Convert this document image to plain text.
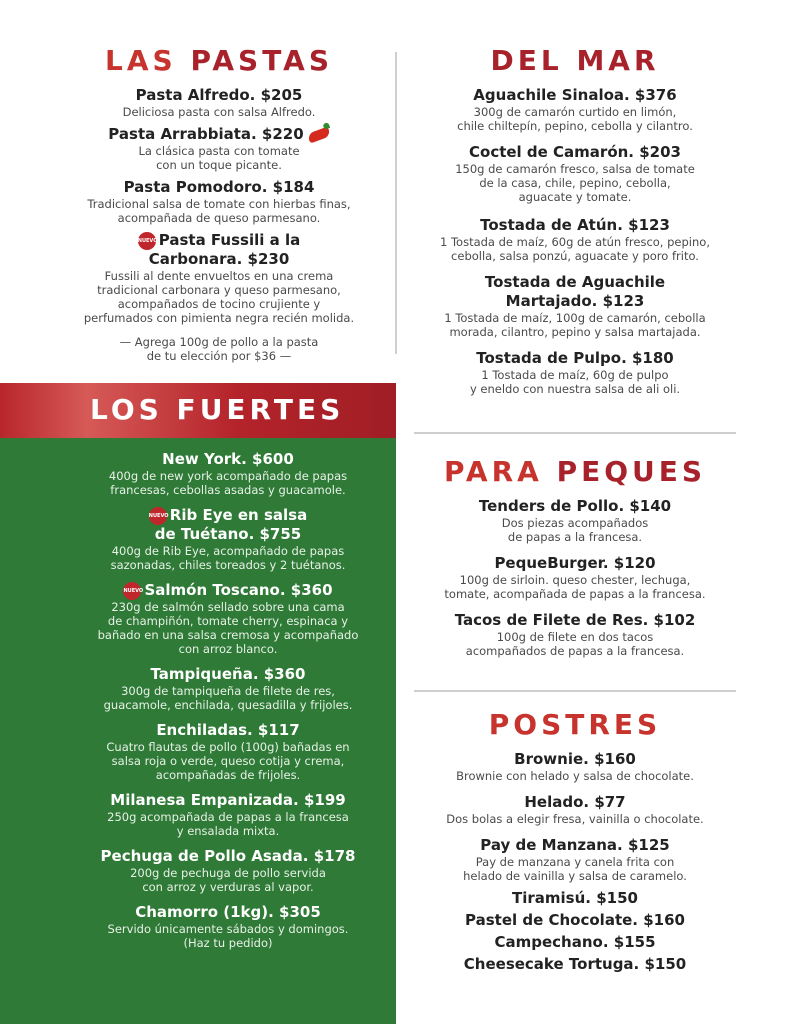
LAS PASTAS
Pasta Alfredo. $205
Deliciosa pasta con salsa Alfredo.
Pasta Arrabbiata. $220
La clásica pasta con tomate
con un toque picante.
Pasta Pomodoro. $184
Tradicional salsa de tomate con hierbas finas,
acompañada de queso parmesano.
NUEVOPasta Fussili a la
Carbonara. $230
Fussili al dente envueltos en una crema
tradicional carbonara y queso parmesano,
acompañados de tocino crujiente y
perfumados con pimienta negra recién molida.
— Agrega 100g de pollo a la pasta
de tu elección por $36 —
DEL MAR
Aguachile Sinaloa. $376
300g de camarón curtido en limón,
chile chiltepín, pepino, cebolla y cilantro.
Coctel de Camarón. $203
150g de camarón fresco, salsa de tomate
de la casa, chile, pepino, cebolla,
aguacate y tomate.
Tostada de Atún. $123
1 Tostada de maíz, 60g de atún fresco, pepino,
cebolla, salsa ponzú, aguacate y poro frito.
Tostada de Aguachile
Martajado. $123
1 Tostada de maíz, 100g de camarón, cebolla
morada, cilantro, pepino y salsa martajada.
Tostada de Pulpo. $180
1 Tostada de maíz, 60g de pulpo
y eneldo con nuestra salsa de ali oli.
LOS FUERTES
New York. $600
400g de new york acompañado de papas
francesas, cebollas asadas y guacamole.
NUEVORib Eye en salsa
de Tuétano. $755
400g de Rib Eye, acompañado de papas
sazonadas, chiles toreados y 2 tuétanos.
NUEVOSalmón Toscano. $360
230g de salmón sellado sobre una cama
de champiñón, tomate cherry, espinaca y
bañado en una salsa cremosa y acompañado
con arroz blanco.
Tampiqueña. $360
300g de tampiqueña de filete de res,
guacamole, enchilada, quesadilla y frijoles.
Enchiladas. $117
Cuatro flautas de pollo (100g) bañadas en
salsa roja o verde, queso cotija y crema,
acompañadas de frijoles.
Milanesa Empanizada. $199
250g acompañada de papas a la francesa
y ensalada mixta.
Pechuga de Pollo Asada. $178
200g de pechuga de pollo servida
con arroz y verduras al vapor.
Chamorro (1kg). $305
Servido únicamente sábados y domingos.
(Haz tu pedido)
PARA PEQUES
Tenders de Pollo. $140
Dos piezas acompañados
de papas a la francesa.
PequeBurger. $120
100g de sirloin. queso chester, lechuga,
tomate, acompañada de papas a la francesa.
Tacos de Filete de Res. $102
100g de filete en dos tacos
acompañados de papas a la francesa.
POSTRES
Brownie. $160
Brownie con helado y salsa de chocolate.
Helado. $77
Dos bolas a elegir fresa, vainilla o chocolate.
Pay de Manzana. $125
Pay de manzana y canela frita con
helado de vainilla y salsa de caramelo.
Tiramisú. $150
Pastel de Chocolate. $160
Campechano. $155
Cheesecake Tortuga. $150
